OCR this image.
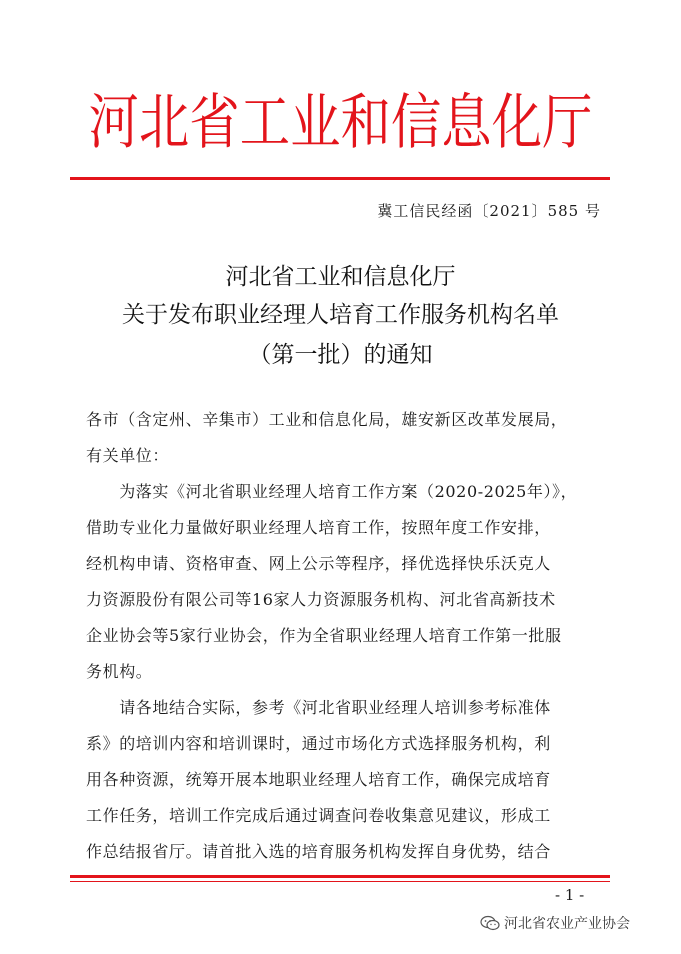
河北省工业和信息化厅
冀工信民经函〔2021〕585 号
河北省工业和信息化厅
关于发布职业经理人培育工作服务机构名单
（第一批）的通知
各市（含定州、辛集市）工业和信息化局，雄安新区改革发展局，
有关单位：
　　为落实《河北省职业经理人培育工作方案（2020-2025年）》，
借助专业化力量做好职业经理人培育工作，按照年度工作安排，
经机构申请、资格审查、网上公示等程序，择优选择快乐沃克人
力资源股份有限公司等16家人力资源服务机构、河北省高新技术
企业协会等5家行业协会，作为全省职业经理人培育工作第一批服
务机构。
　　请各地结合实际，参考《河北省职业经理人培训参考标准体
系》的培训内容和培训课时，通过市场化方式选择服务机构，利
用各种资源，统筹开展本地职业经理人培育工作，确保完成培育
工作任务，培训工作完成后通过调查问卷收集意见建议，形成工
作总结报省厅。请首批入选的培育服务机构发挥自身优势，结合
- 1 -
河北省农业产业协会
